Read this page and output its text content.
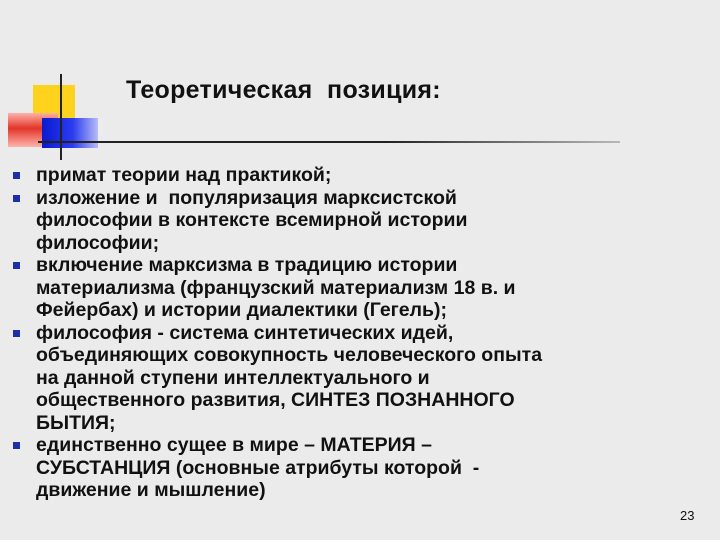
Теоретическая  позиция:
примат теории над практикой;
изложение и  популяризация марксистской
философии в контексте всемирной истории
философии;
включение марксизма в традицию истории
материализма (французский материализм 18 в. и
Фейербах) и истории диалектики (Гегель);
философия - система синтетических идей,
объединяющих совокупность человеческого опыта
на данной ступени интеллектуального и
общественного развития, СИНТЕЗ ПОЗНАННОГО
БЫТИЯ;
единственно сущее в мире – МАТЕРИЯ –
СУБСТАНЦИЯ (основные атрибуты которой  -
движение и мышление)
23
